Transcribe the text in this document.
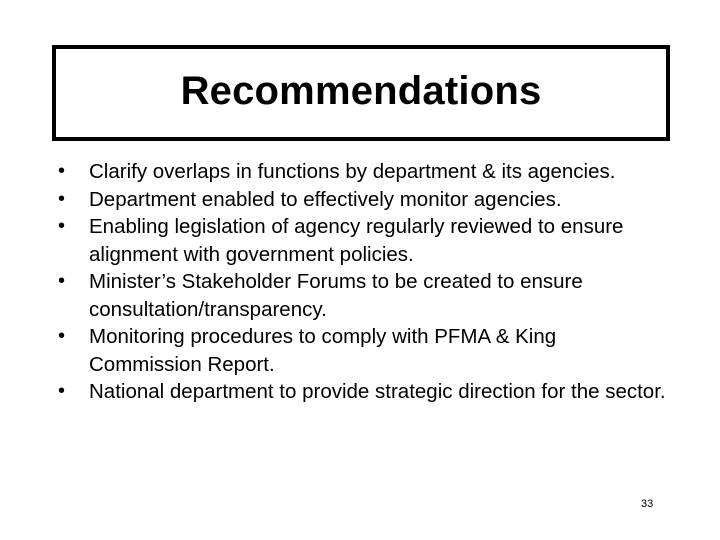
Recommendations
• Clarify overlaps in functions by department & its agencies.
• Department enabled to effectively monitor agencies.
• Enabling legislation of agency regularly reviewed to ensure alignment with government policies.
• Minister’s Stakeholder Forums to be created to ensure consultation/transparency.
• Monitoring procedures to comply with PFMA & King Commission Report.
• National department to provide strategic direction for the sector.
33
